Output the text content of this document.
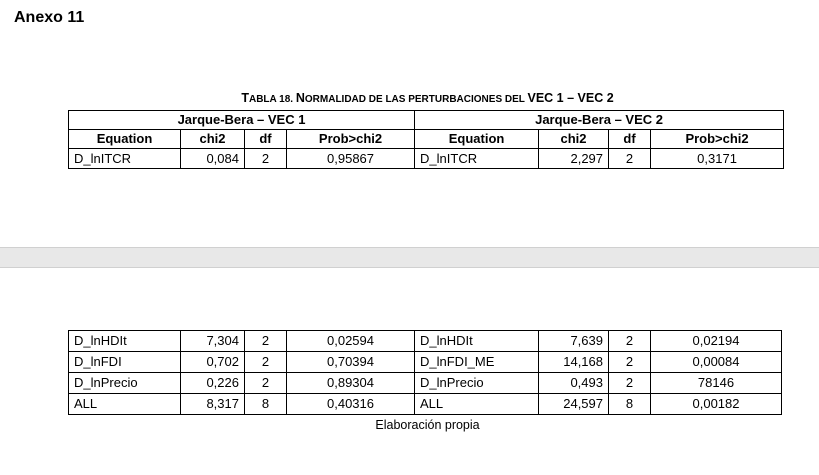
Anexo 11
TABLA 18. NORMALIDAD DE LAS PERTURBACIONES DEL VEC 1 – VEC 2
Jarque-Bera – VEC 1				Jarque-Bera – VEC 2			
Equation	chi2	df	Prob>chi2	Equation	chi2	df	Prob>chi2
D_lnITCR	0,084	2	0,95867	D_lnITCR	2,297	2	0,3171
D_lnHDIt	7,304	2	0,02594	D_lnHDIt	7,639	2	0,02194
D_lnFDI	0,702	2	0,70394	D_lnFDI_ME	14,168	2	0,00084
D_lnPrecio	0,226	2	0,89304	D_lnPrecio	0,493	2	78146
ALL	8,317	8	0,40316	ALL	24,597	8	0,00182
Elaboración propia
